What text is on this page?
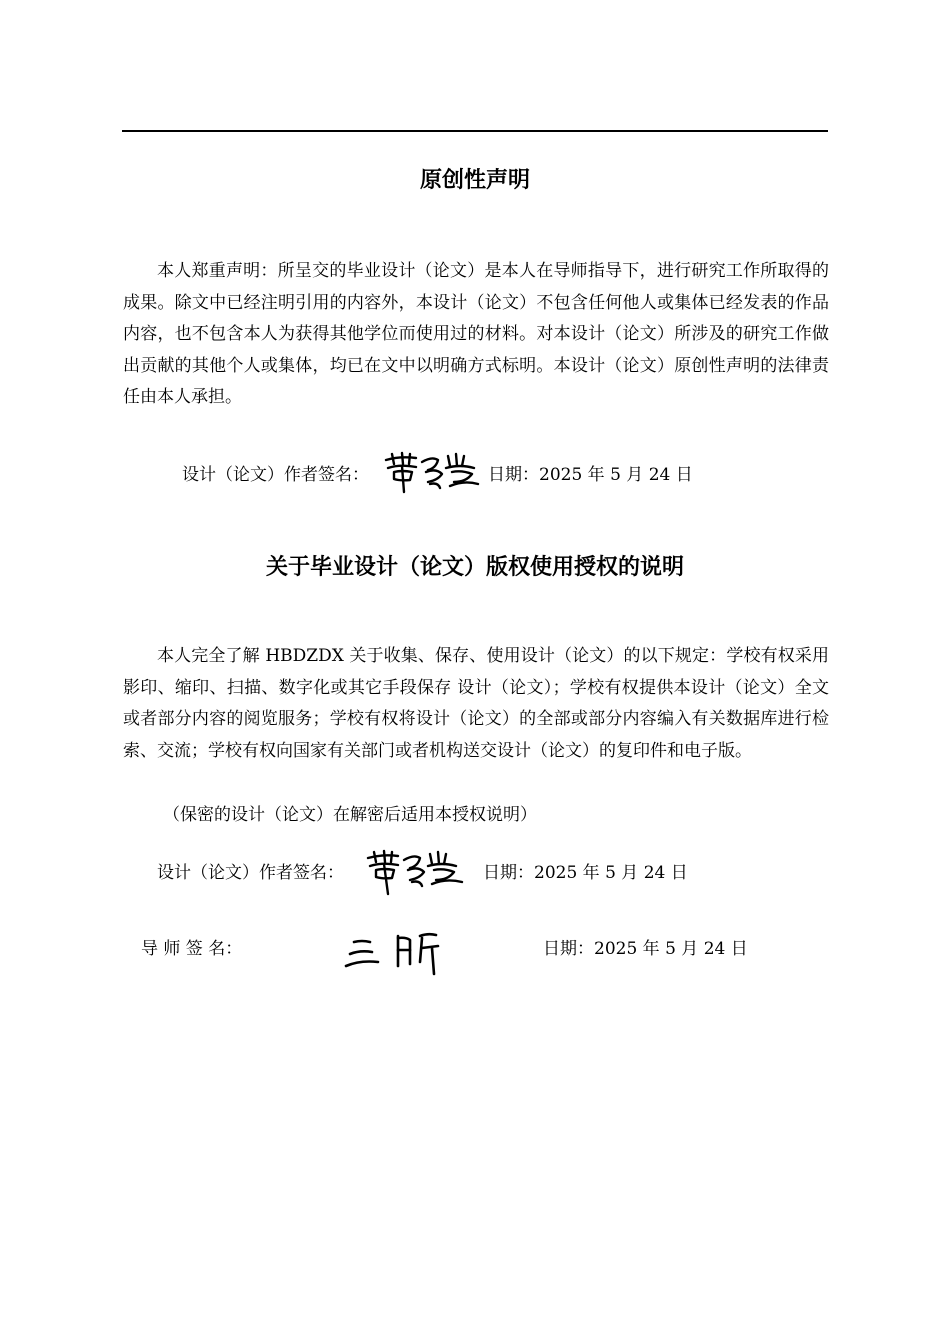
原创性声明

本人郑重声明：所呈交的毕业设计（论文）是本人在导师指导下，进行研究工作所取得的成果。除文中已经注明引用的内容外，本设计（论文）不包含任何他人或集体已经发表的作品内容，也不包含本人为获得其他学位而使用过的材料。对本设计（论文）所涉及的研究工作做出贡献的其他个人或集体，均已在文中以明确方式标明。本设计（论文）原创性声明的法律责任由本人承担。

设计（论文）作者签名：	日期：2025 年 5 月 24 日

关于毕业设计（论文）版权使用授权的说明

本人完全了解 HBDZDX 关于收集、保存、使用设计（论文）的以下规定：学校有权采用影印、缩印、扫描、数字化或其它手段保存 设计（论文）；学校有权提供本设计（论文）全文或者部分内容的阅览服务；学校有权将设计（论文）的全部或部分内容编入有关数据库进行检索、交流；学校有权向国家有关部门或者机构送交设计（论文）的复印件和电子版。

（保密的设计（论文）在解密后适用本授权说明）

设计（论文）作者签名：	日期：2025 年 5 月 24 日

导 师 签 名：	日期：2025 年 5 月 24 日
